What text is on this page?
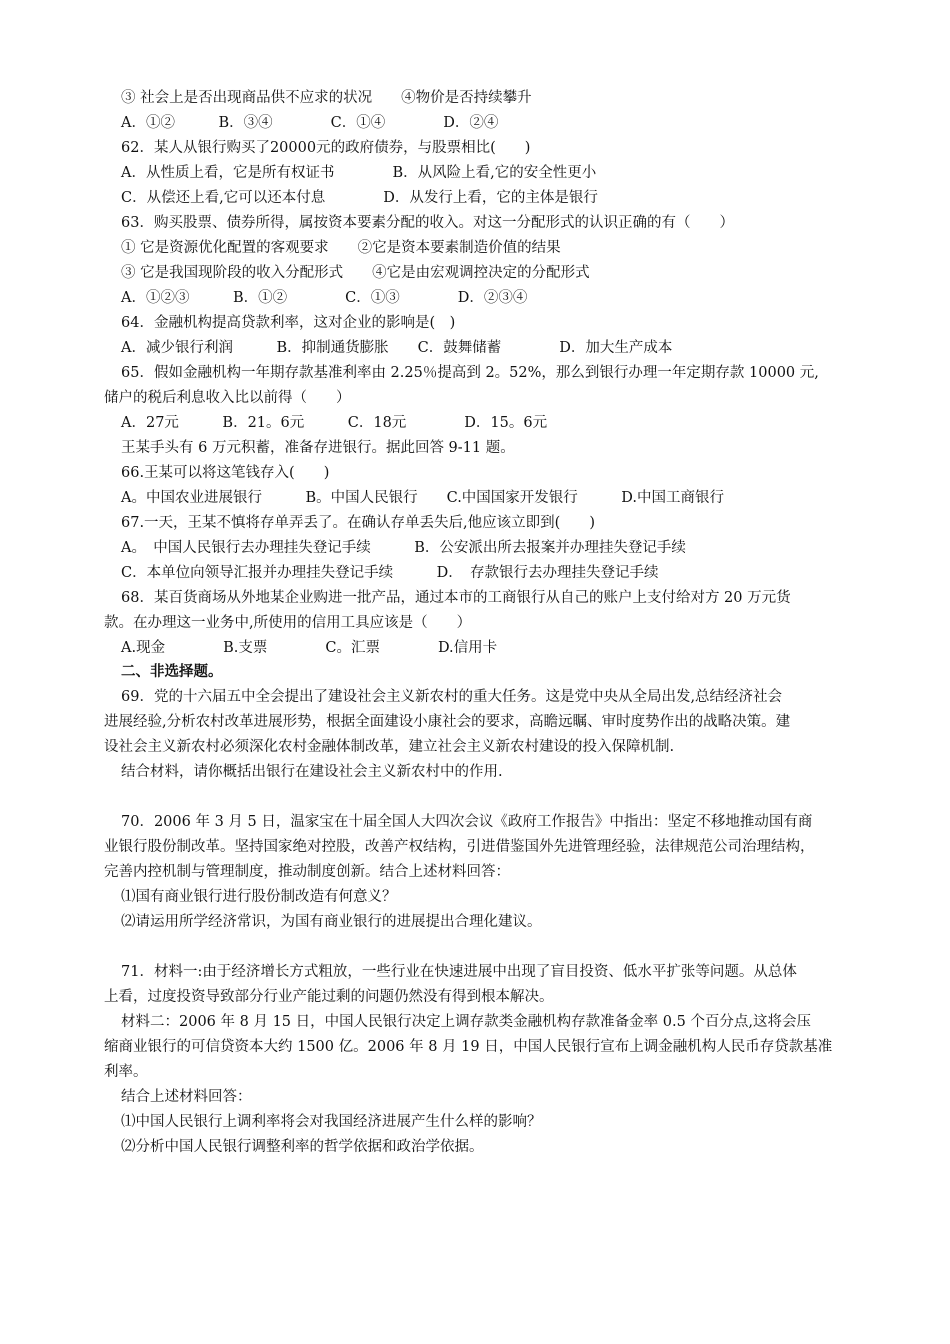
③ 社会上是否出现商品供不应求的状况　　④物价是否持续攀升
A．①②　　　B．③④　　　　C．①④　　　　D．②④
62．某人从银行购买了20000元的政府债券，与股票相比(　　)
A．从性质上看，它是所有权证书　　　　B．从风险上看,它的安全性更小
C．从偿还上看,它可以还本付息　　　　D．从发行上看，它的主体是银行
63．购买股票、债券所得，属按资本要素分配的收入。对这一分配形式的认识正确的有（　　）
① 它是资源优化配置的客观要求　　②它是资本要素制造价值的结果
③ 它是我国现阶段的收入分配形式　　④它是由宏观调控决定的分配形式
A．①②③　　　B．①②　　　　C．①③　　　　D．②③④
64．金融机构提高贷款利率，这对企业的影响是(　)
A．减少银行利润　　　B．抑制通货膨胀　　C．鼓舞储蓄　　　　D．加大生产成本
65．假如金融机构一年期存款基准利率由 2.25％提高到 2。52%，那么到银行办理一年定期存款 10000 元,
储户的税后利息收入比以前得（　　）
A．27元　　　B．21。6元　　　C．18元　　　　D．15。6元
王某手头有 6 万元积蓄，准备存进银行。据此回答 9-11 题。
66.王某可以将这笔钱存入(　　)
A。中国农业进展银行　　　B。中国人民银行　　C.中国国家开发银行　　　D.中国工商银行
67.一天，王某不慎将存单弄丢了。在确认存单丢失后,他应该立即到(　　)
A。　中国人民银行去办理挂失登记手续　　　B．公安派出所去报案并办理挂失登记手续
C．本单位向领导汇报并办理挂失登记手续　　　D．　存款银行去办理挂失登记手续
68．某百货商场从外地某企业购进一批产品，通过本市的工商银行从自己的账户上支付给对方 20 万元货
款。在办理这一业务中,所使用的信用工具应该是（　　）
A.现金　　　　B.支票　　　　C。汇票　　　　D.信用卡
二、非选择题。
69．党的十六届五中全会提出了建设社会主义新农村的重大任务。这是党中央从全局出发,总结经济社会
进展经验,分析农村改革进展形势，根据全面建设小康社会的要求，高瞻远瞩、审时度势作出的战略决策。建
设社会主义新农村必须深化农村金融体制改革，建立社会主义新农村建设的投入保障机制.
结合材料，请你概括出银行在建设社会主义新农村中的作用.
70．2006 年 3 月 5 日，温家宝在十届全国人大四次会议《政府工作报告》中指出：坚定不移地推动国有商
业银行股份制改革。坚持国家绝对控股，改善产权结构，引进借鉴国外先进管理经验，法律规范公司治理结构，
完善内控机制与管理制度，推动制度创新。结合上述材料回答：
⑴国有商业银行进行股份制改造有何意义？
⑵请运用所学经济常识，为国有商业银行的进展提出合理化建议。
71．材料一:由于经济增长方式粗放，一些行业在快速进展中出现了盲目投资、低水平扩张等问题。从总体
上看，过度投资导致部分行业产能过剩的问题仍然没有得到根本解决。
材料二：2006 年 8 月 15 日，中国人民银行决定上调存款类金融机构存款准备金率 0.5 个百分点,这将会压
缩商业银行的可信贷资本大约 1500 亿。2006 年 8 月 19 日，中国人民银行宣布上调金融机构人民币存贷款基准
利率。
结合上述材料回答：
⑴中国人民银行上调利率将会对我国经济进展产生什么样的影响？
⑵分析中国人民银行调整利率的哲学依据和政治学依据。
